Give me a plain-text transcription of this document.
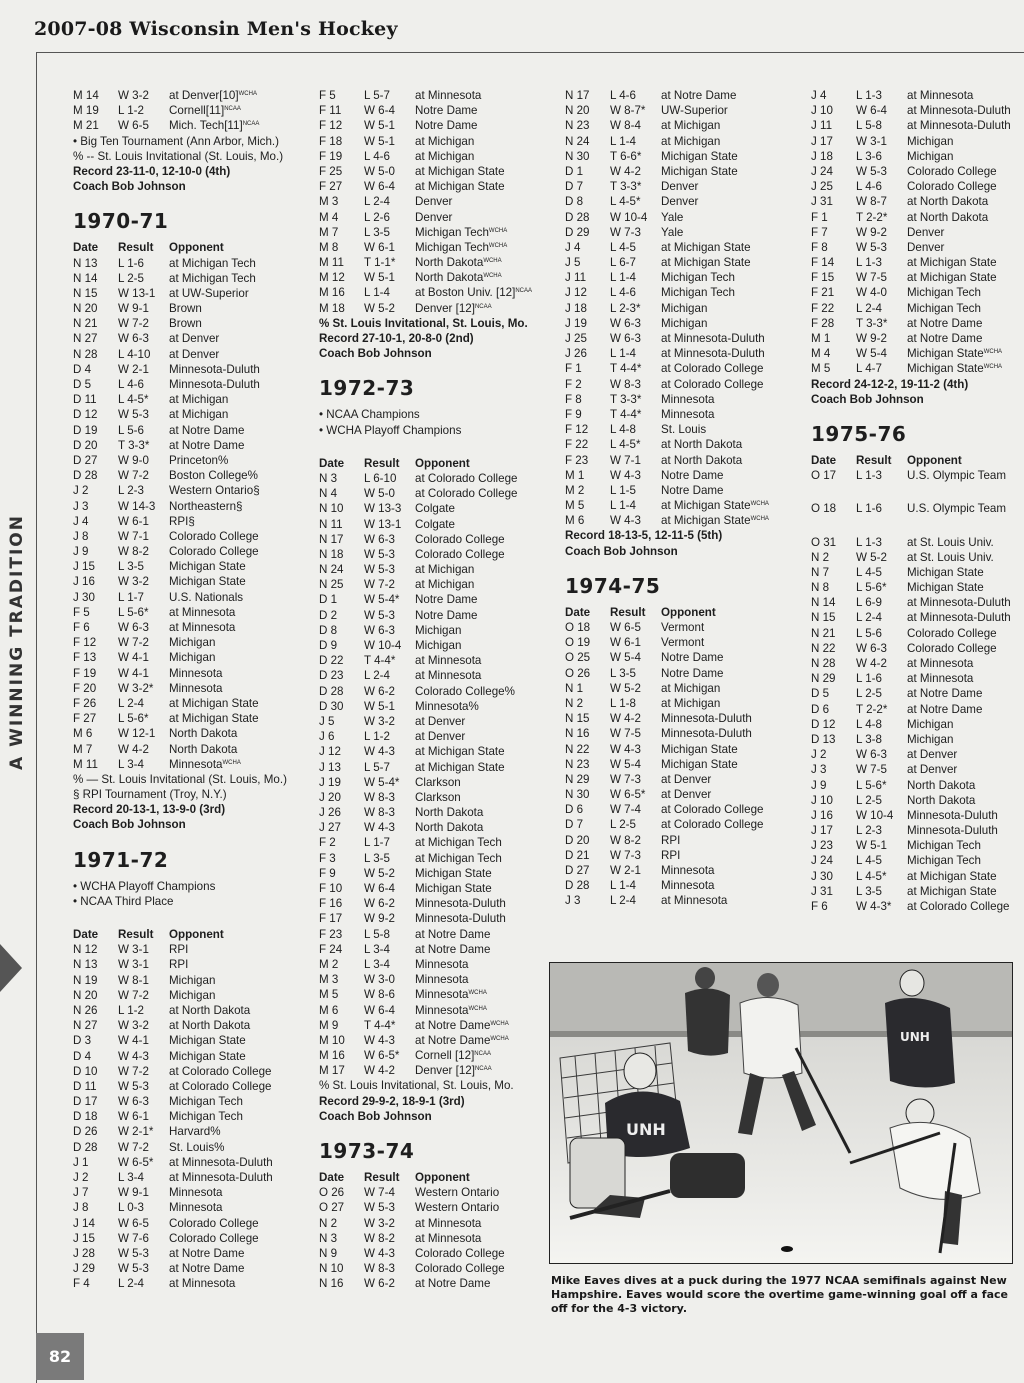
2007-08 Wisconsin Men's Hockey
A WINNING TRADITION
M 14	W 3-2	at $Denver[10]^{WCHA}$
M 19	L 1-2	$Cornell[11]^{NCAA}$
M 21	W 6-5	Mich. $Tech[11]^{NCAA}$
• Big Ten Tournament (Ann Arbor, Mich.)
% -- St. Louis Invitational (St. Louis, Mo.)
Record 23-11-0, 12-10-0 (4th)
Coach Bob Johnson
1970-71
Date	Result	Opponent
N 13	L 1-6	at Michigan Tech
N 14	L 2-5	at Michigan Tech
N 15	W 13-1	at UW-Superior
N 20	W 9-1	Brown
N 21	W 7-2	Brown
N 27	W 6-3	at Denver
N 28	L 4-10	at Denver
D 4	W 2-1	Minnesota-Duluth
D 5	L 4-6	Minnesota-Duluth
D 11	L 4-5*	at Michigan
D 12	W 5-3	at Michigan
D 19	L 5-6	at Notre Dame
D 20	T 3-3*	at Notre Dame
D 27	W 9-0	Princeton%
D 28	W 7-2	Boston College%
J 2	L 2-3	Western Ontario§
J 3	W 14-3	Northeastern§
J 4	W 6-1	RPI§
J 8	W 7-1	Colorado College
J 9	W 8-2	Colorado College
J 15	L 3-5	Michigan State
J 16	W 3-2	Michigan State
J 30	L 1-7	U.S. Nationals
F 5	L 5-6*	at Minnesota
F 6	W 6-3	at Minnesota
F 12	W 7-2	Michigan
F 13	W 4-1	Michigan
F 19	W 4-1	Minnesota
F 20	W 3-2*	Minnesota
F 26	L 2-4	at Michigan State
F 27	L 5-6*	at Michigan State
M 6	W 12-1	North Dakota
M 7	W 4-2	North Dakota
M 11	L 3-4	Minnesota$^{WCHA}$
% — St. Louis Invitational (St. Louis, Mo.)
§ RPI Tournament (Troy, N.Y.)
Record 20-13-1, 13-9-0 (3rd)
Coach Bob Johnson
1971-72
• WCHA Playoff Champions
• NCAA Third Place
Date	Result	Opponent
N 12	W 3-1	RPI
N 13	W 3-1	RPI
N 19	W 8-1	Michigan
N 20	W 7-2	Michigan
N 26	L 1-2	at North Dakota
N 27	W 3-2	at North Dakota
D 3	W 4-1	Michigan State
D 4	W 4-3	Michigan State
D 10	W 7-2	at Colorado College
D 11	W 5-3	at Colorado College
D 17	W 6-3	Michigan Tech
D 18	W 6-1	Michigan Tech
D 26	W 2-1*	Harvard%
D 28	W 7-2	St. Louis%
J 1	W 6-5*	at Minnesota-Duluth
J 2	L 3-4	at Minnesota-Duluth
J 7	W 9-1	Minnesota
J 8	L 0-3	Minnesota
J 14	W 6-5	Colorado College
J 15	W 7-6	Colorado College
J 28	W 5-3	at Notre Dame
J 29	W 5-3	at Notre Dame
F 4	L 2-4	at Minnesota
F 5	L 5-7	at Minnesota
F 11	W 6-4	Notre Dame
F 12	W 5-1	Notre Dame
F 18	W 5-1	at Michigan
F 19	L 4-6	at Michigan
F 25	W 5-0	at Michigan State
F 27	W 6-4	at Michigan State
M 3	L 2-4	Denver
M 4	L 2-6	Denver
M 7	L 3-5	Michigan Tech$^{WCHA}$
M 8	W 6-1	Michigan Tech$^{WCHA}$
M 11	T 1-1*	North Dakota$^{WCHA}$
M 12	W 5-1	North Dakota$^{WCHA}$
M 16	L 1-4	at Boston Univ. $[12]^{NCAA}$
M 18	W 5-2	Denver $[12]^{NCAA}$
% St. Louis Invitational, St. Louis, Mo.
Record 27-10-1, 20-8-0 (2nd)
Coach Bob Johnson
1972-73
• NCAA Champions
• WCHA Playoff Champions
Date	Result	Opponent
N 3	L 6-10	at Colorado College
N 4	W 5-0	at Colorado College
N 10	W 13-3	Colgate
N 11	W 13-1	Colgate
N 17	W 6-3	Colorado College
N 18	W 5-3	Colorado College
N 24	W 5-3	at Michigan
N 25	W 7-2	at Michigan
D 1	W 5-4*	Notre Dame
D 2	W 5-3	Notre Dame
D 8	W 6-3	Michigan
D 9	W 10-4	Michigan
D 22	T 4-4*	at Minnesota
D 23	L 2-4	at Minnesota
D 28	W 6-2	Colorado College%
D 30	W 5-1	Minnesota%
J 5	W 3-2	at Denver
J 6	L 1-2	at Denver
J 12	W 4-3	at Michigan State
J 13	L 5-7	at Michigan State
J 19	W 5-4*	Clarkson
J 20	W 8-3	Clarkson
J 26	W 8-3	North Dakota
J 27	W 4-3	North Dakota
F 2	L 1-7	at Michigan Tech
F 3	L 3-5	at Michigan Tech
F 9	W 5-2	Michigan State
F 10	W 6-4	Michigan State
F 16	W 6-2	Minnesota-Duluth
F 17	W 9-2	Minnesota-Duluth
F 23	L 5-8	at Notre Dame
F 24	L 3-4	at Notre Dame
M 2	L 3-4	Minnesota
M 3	W 3-0	Minnesota
M 5	W 8-6	Minnesota$^{WCHA}$
M 6	W 6-4	Minnesota$^{WCHA}$
M 9	T 4-4*	at Notre Dame$^{WCHA}$
M 10	W 4-3	at Notre Dame$^{WCHA}$
M 16	W 6-5*	Cornell $[12]^{NCAA}$
M 17	W 4-2	Denver $[12]^{NCAA}$
% St. Louis Invitational, St. Louis, Mo.
Record 29-9-2, 18-9-1 (3rd)
Coach Bob Johnson
1973-74
Date	Result	Opponent
O 26	W 7-4	Western Ontario
O 27	W 5-3	Western Ontario
N 2	W 3-2	at Minnesota
N 3	W 8-2	at Minnesota
N 9	W 4-3	Colorado College
N 10	W 8-3	Colorado College
N 16	W 6-2	at Notre Dame
N 17	L 4-6	at Notre Dame
N 20	W 8-7*	UW-Superior
N 23	W 8-4	at Michigan
N 24	L 1-4	at Michigan
N 30	T 6-6*	Michigan State
D 1	W 4-2	Michigan State
D 7	T 3-3*	Denver
D 8	L 4-5*	Denver
D 28	W 10-4	Yale
D 29	W 7-3	Yale
J 4	L 4-5	at Michigan State
J 5	L 6-7	at Michigan State
J 11	L 1-4	Michigan Tech
J 12	L 4-6	Michigan Tech
J 18	L 2-3*	Michigan
J 19	W 6-3	Michigan
J 25	W 6-3	at Minnesota-Duluth
J 26	L 1-4	at Minnesota-Duluth
F 1	T 4-4*	at Colorado College
F 2	W 8-3	at Colorado College
F 8	T 3-3*	Minnesota
F 9	T 4-4*	Minnesota
F 12	L 4-8	St. Louis
F 22	L 4-5*	at North Dakota
F 23	W 7-1	at North Dakota
M 1	W 4-3	Notre Dame
M 2	L 1-5	Notre Dame
M 5	L 1-4	at Michigan State$^{WCHA}$
M 6	W 4-3	at Michigan State$^{WCHA}$
Record 18-13-5, 12-11-5 (5th)
Coach Bob Johnson
1974-75
Date	Result	Opponent
O 18	W 6-5	Vermont
O 19	W 6-1	Vermont
O 25	W 5-4	Notre Dame
O 26	L 3-5	Notre Dame
N 1	W 5-2	at Michigan
N 2	L 1-8	at Michigan
N 15	W 4-2	Minnesota-Duluth
N 16	W 7-5	Minnesota-Duluth
N 22	W 4-3	Michigan State
N 23	W 5-4	Michigan State
N 29	W 7-3	at Denver
N 30	W 6-5*	at Denver
D 6	W 7-4	at Colorado College
D 7	L 2-5	at Colorado College
D 20	W 8-2	RPI
D 21	W 7-3	RPI
D 27	W 2-1	Minnesota
D 28	L 1-4	Minnesota
J 3	L 2-4	at Minnesota
J 4	L 1-3	at Minnesota
J 10	W 6-4	at Minnesota-Duluth
J 11	L 5-8	at Minnesota-Duluth
J 17	W 3-1	Michigan
J 18	L 3-6	Michigan
J 24	W 5-3	Colorado College
J 25	L 4-6	Colorado College
J 31	W 8-7	at North Dakota
F 1	T 2-2*	at North Dakota
F 7	W 9-2	Denver
F 8	W 5-3	Denver
F 14	L 1-3	at Michigan State
F 15	W 7-5	at Michigan State
F 21	W 4-0	Michigan Tech
F 22	L 2-4	Michigan Tech
F 28	T 3-3*	at Notre Dame
M 1	W 9-2	at Notre Dame
M 4	W 5-4	Michigan State$^{WCHA}$
M 5	L 4-7	Michigan State$^{WCHA}$
Record 24-12-2, 19-11-2 (4th)
Coach Bob Johnson
1975-76
Date	Result	Opponent
O 17	L 1-3	U.S. Olympic Team
O 18	L 1-6	U.S. Olympic Team
O 31	L 1-3	at St. Louis Univ.
N 2	W 5-2	at St. Louis Univ.
N 7	L 4-5	Michigan State
N 8	L 5-6*	Michigan State
N 14	L 6-9	at Minnesota-Duluth
N 15	L 2-4	at Minnesota-Duluth
N 21	L 5-6	Colorado College
N 22	W 6-3	Colorado College
N 28	W 4-2	at Minnesota
N 29	L 1-6	at Minnesota
D 5	L 2-5	at Notre Dame
D 6	T 2-2*	at Notre Dame
D 12	L 4-8	Michigan
D 13	L 3-8	Michigan
J 2	W 6-3	at Denver
J 3	W 7-5	at Denver
J 9	L 5-6*	North Dakota
J 10	L 2-5	North Dakota
J 16	W 10-4	Minnesota-Duluth
J 17	L 2-3	Minnesota-Duluth
J 23	W 5-1	Michigan Tech
J 24	L 4-5	Michigan Tech
J 30	L 4-5*	at Michigan State
J 31	L 3-5	at Michigan State
F 6	W 4-3*	at Colorado College
UNH
UNH
Mike Eaves dives at a puck during the 1977 NCAA semifinals against New Hampshire. Eaves would score the overtime game-winning goal off a face off for the 4-3 victory.
82
